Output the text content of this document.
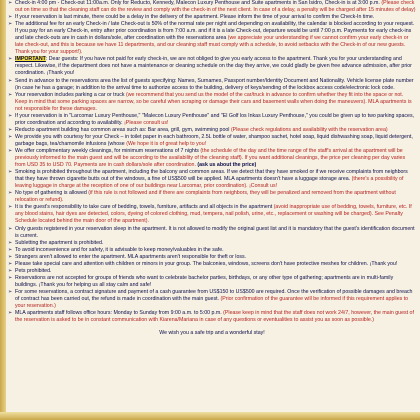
➢ Check-in 4:00 pm - Check-out 11:00a.m. Only for Reducto, Kennedy, Malecon Luxury Penthouse and Suite apartments in San Isidro, Check-in is at 3:00 p.m. (Please check out on time so that the cleaning staff can do the review and comply with the check-in of the next client. In case of a delay, a penalty will be charged after 15 minutes of delay)
➢ If your reservation is last minute, there could be a delay in the delivery of the apartment. Please inform the time of your arrival to confirm the Check-In time.
➢ The additional fee for an early Check-in / late Check-out is 50% of the normal rate per night and depending on availability, the calendar is blocked according to your request. If you pay for an early Check-in, entry after prior coordination is from 7:00 a.m. and if it is a late Check-out, departure would be until 7:00 p.m. Payments for early check-ins and late check-outs are in cash in dollars/sole, after coordination with the reservations area (we appreciate your understanding if we cannot confirm your early check-in or late check-out, and this is because we have 11 departments, and our cleaning staff must comply with a schedule, to avoid setbacks with the Check-in of our new guests. Thank you for your support!).
➢ IMPORTANT: Dear guests: If you have not paid for early check-in, we are not obliged to give you early access to the apartment. Thank you for your understanding and respect. Likewise, if the department does not have a maintenance or cleaning schedule on the day they arrive, we could gladly be given free advance admission, after prior coordination. ¡Thank you!
➢ Send in advance to the reservations area the list of guests specifying: Names, Surnames, Passport number/Identity Document and Nationality. Vehicle license plate number (in case he has a garage; in addition to the arrival time to authorize access to the building, delivery of keys/sending of the lockbox access code/electronic lock code.
➢ Your reservation includes parking a car or truck (we recommend that you send us the model of the car/truck in advance to confirm whether they fit into the space or not. Keep in mind that some parking spaces are narrow, so be careful when scraping or damage their cars and basement walls when doing the maneuvers). MLA apartments is not responsible for these damages.
➢ If your reservation is in "Larcomar Luxury Penthouse," "Malecon Luxury Penthouse" and "El Golf los Inkas Luxury Penthouse," you could be given up to two parking spaces, prior coordination and according to availability. ¡Please consult us!
➢ Reducto apartment building has common areas such as: Bar area, grill, gym, swimming pool (Please check regulations and availability with the reservation area)
➢ We provide you with courtesy for your Check – in toilet paper in each bathroom, 2.5L bottle of water, shampoo sachet, hotel soap, liquid dishwashing soap, liquid detergent, garbage bags, tea/chamomile infusions (whose (We hope it is of great help to you!
➢ We offer complimentary weekly cleanings, for minimum reservations of 7 nights (the schedule of the day and the time range of the staff's arrival at the apartment will be previously informed to the main guest and will be according to the availability of the cleaning staff). If you want additional cleanings, the price per cleaning per day varies from USD 35 to USD 70. Payments are in cash dollars/sole after coordination. (ask us about the price)
➢ Smoking is prohibited throughout the apartment, including the balcony and common areas. If we detect that they have smoked or if we receive complaints from neighbors that they have thrown cigarette butts out of the windows, a fine of US$500 will be applied. MLA apartments doesn't have a luggage storage area. (there's a possibility of leaving luggage in charge at the reception of one of our buildings near Larcomar, prior coordination). ¡Consult us!
➢ No type of gathering is allowed (if this rule is not followed and if there are complaints from neighbors, they will be penalized and removed from the apartment without relocation or refund).
➢ It is the guest's responsibility to take care of bedding, towels, furniture, artifacts and all objects in the apartment (avoid inappropriate use of bedding, towels, furniture, etc. If any blood stains, hair dyes are detected, colors, dyeing of colored clothing, mud, tempera, nail polish, urine, etc., replacement or washing will be charged). See Penalty Schedule located behind the main door of the apartment).
➢ Only guests registered in your reservation sleep in the apartment. It is not allowed to modify the original guest list and it is mandatory that the guest's identification document is current.
➢ Subletting the apartment is prohibited.
➢ To avoid inconvenience and for safety, it is advisable to keep money/valuables in the safe.
➢ Strangers aren't allowed to enter the apartment. MLA apartments aren't responsible for theft or loss.
➢ Please take special care and attention with children or minors in your group. The balconies, windows, screens don't have protective meshes for children. ¡Thank you!
➢ Pets prohibited.
➢ Reservations are not accepted for groups of friends who want to celebrate bachelor parties, birthdays, or any other type of gathering; apartments are in multi-family buildings. ¡Thank you for helping us all stay calm and safe!
➢ For some reservations, a contract signature and payment of a cash guarantee from US$150 to US$500 are required. Once the verification of possible damages and breach of contract has been carried out, the refund is made in coordination with the main guest. (Prior confirmation of the guarantee will be informed if this requirement applies to your reservation.)
➢ MLA apartments staff follows office hours: Monday to Sunday from 9:00 a.m. to 5:00 p.m. (Please keep in mind that the staff does not work 24/7, however, the main guest of the reservation is asked to be in constant communication with Kiarena/Mariana in case of any questions or eventualities to assist you as soon as possible.)
We wish you a safe trip and a wonderful stay!
